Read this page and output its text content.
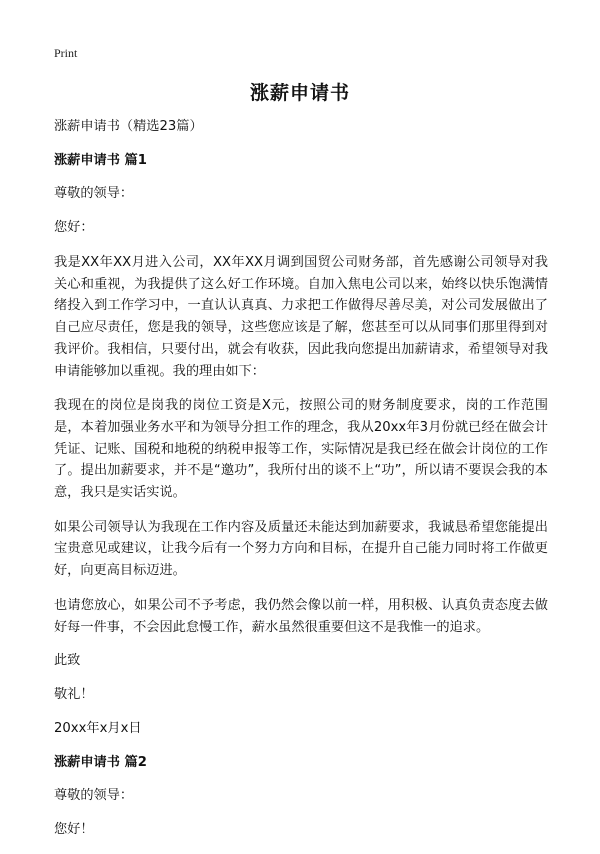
Print
涨薪申请书
涨薪申请书（精选23篇）
涨薪申请书 篇1
尊敬的领导：
您好：

我是XX年XX月进入公司，XX年XX月调到国贸公司财务部，首先感谢公司领导对我关心和重视，为我提供了这么好工作环境。自加入焦电公司以来，始终以快乐饱满情绪投入到工作学习中，一直认认真真、力求把工作做得尽善尽美，对公司发展做出了自己应尽责任，您是我的领导，这些您应该是了解，您甚至可以从同事们那里得到对我评价。我相信，只要付出，就会有收获，因此我向您提出加薪请求，希望领导对我申请能够加以重视。我的理由如下：

我现在的岗位是岗我的岗位工资是X元，按照公司的财务制度要求，岗的工作范围是，本着加强业务水平和为领导分担工作的理念，我从20xx年3月份就已经在做会计凭证、记账、国税和地税的纳税申报等工作，实际情况是我已经在做会计岗位的工作了。提出加薪要求，并不是“邀功”，我所付出的谈不上“功”，所以请不要误会我的本意，我只是实话实说。

如果公司领导认为我现在工作内容及质量还未能达到加薪要求，我诚恳希望您能提出宝贵意见或建议，让我今后有一个努力方向和目标，在提升自己能力同时将工作做更好，向更高目标迈进。

也请您放心，如果公司不予考虑，我仍然会像以前一样，用积极、认真负责态度去做好每一件事，不会因此怠慢工作，薪水虽然很重要但这不是我惟一的追求。

此致
敬礼！
20xx年x月x日
涨薪申请书 篇2
尊敬的领导：
您好！
